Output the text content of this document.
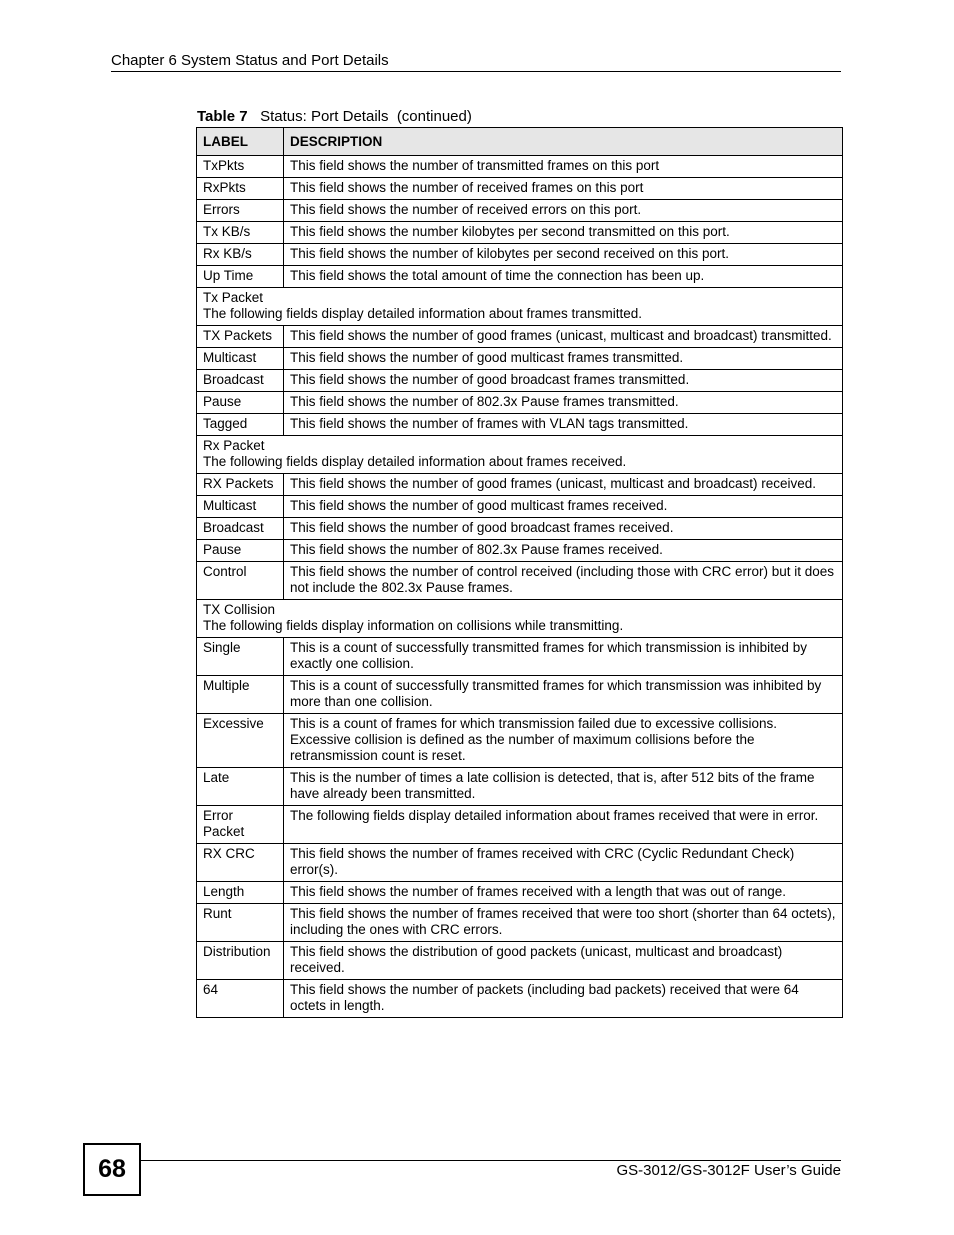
Chapter 6 System Status and Port Details
Table 7 Status: Port Details  (continued)
LABEL	DESCRIPTION
TxPkts	This field shows the number of transmitted frames on this port
RxPkts	This field shows the number of received frames on this port
Errors	This field shows the number of received errors on this port.
Tx KB/s	This field shows the number kilobytes per second transmitted on this port.
Rx KB/s	This field shows the number of kilobytes per second received on this port.
Up Time	This field shows the total amount of time the connection has been up.

Tx Packet
The following fields display detailed information about frames transmitted.	

TX Packets	This field shows the number of good frames (unicast, multicast and broadcast) transmitted.
Multicast	This field shows the number of good multicast frames transmitted.
Broadcast	This field shows the number of good broadcast frames transmitted.
Pause	This field shows the number of 802.3x Pause frames transmitted.
Tagged	This field shows the number of frames with VLAN tags transmitted.

Rx Packet
The following fields display detailed information about frames received.	

RX Packets	This field shows the number of good frames (unicast, multicast and broadcast) received.
Multicast	This field shows the number of good multicast frames received.
Broadcast	This field shows the number of good broadcast frames received.
Pause	This field shows the number of 802.3x Pause frames received.
Control	This field shows the number of control received (including those with CRC error) but it does not include the 802.3x Pause frames.

TX Collision
The following fields display information on collisions while transmitting.	

Single	This is a count of successfully transmitted frames for which transmission is inhibited by exactly one collision.
Multiple	This is a count of successfully transmitted frames for which transmission was inhibited by more than one collision.
Excessive	This is a count of frames for which transmission failed due to excessive collisions. Excessive collision is defined as the number of maximum collisions before the retransmission count is reset.
Late	This is the number of times a late collision is detected, that is, after 512 bits of the frame have already been transmitted.
Error Packet	The following fields display detailed information about frames received that were in error.
RX CRC	This field shows the number of frames received with CRC (Cyclic Redundant Check) error(s).
Length	This field shows the number of frames received with a length that was out of range.
Runt	This field shows the number of frames received that were too short (shorter than 64 octets), including the ones with CRC errors.
Distribution	This field shows the distribution of good packets (unicast, multicast and broadcast) received.
64	This field shows the number of packets (including bad packets) received that were 64 octets in length.
68	GS-3012/GS-3012F User’s Guide
